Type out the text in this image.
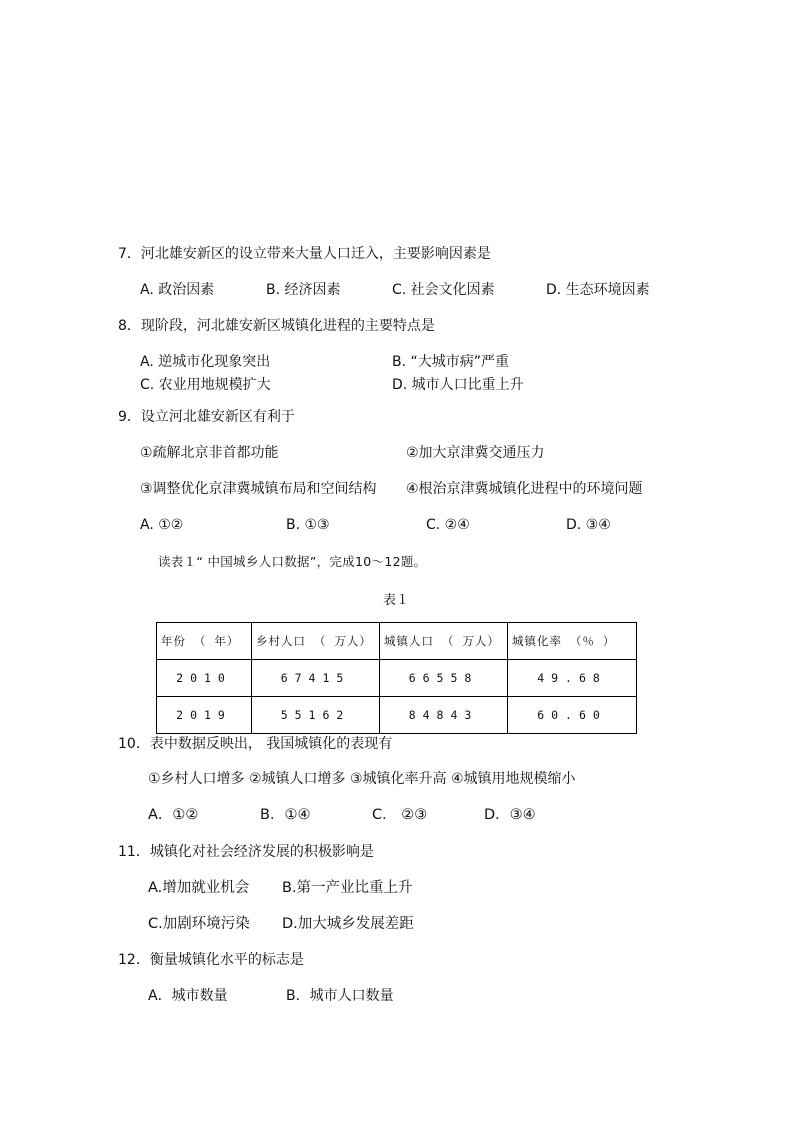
7．河北雄安新区的设立带来大量人口迁入，主要影响因素是
A. 政治因素	B. 经济因素	C. 社会文化因素	D. 生态环境因素
8．现阶段，河北雄安新区城镇化进程的主要特点是
A. 逆城市化现象突出	B. “大城市病”严重
C. 农业用地规模扩大	D. 城市人口比重上升
9．设立河北雄安新区有利于
①疏解北京非首都功能	②加大京津冀交通压力
③调整优化京津冀城镇布局和空间结构 ④根治京津冀城镇化进程中的环境问题
A. ①②	B. ①③	C. ②④	D. ③④
读表１“ 中国城乡人口数据”，完成10～12题。
表１
年份 （ 年）	乡村人口 （ 万人）	城镇人口 （ 万人）	城镇化率 （％ ）
2010	67415	66558	49.68
2019	55162	84843	60.60
10．表中数据反映出， 我国城镇化的表现有
①乡村人口增多 ②城镇人口增多 ③城镇化率升高 ④城镇用地规模缩小
A．①②	B．①④	C． ②③	D．③④
11．城镇化对社会经济发展的积极影响是
A.增加就业机会 B.第一产业比重上升
C.加剧环境污染 D.加大城乡发展差距
12．衡量城镇化水平的标志是
A．城市数量	B．城市人口数量
